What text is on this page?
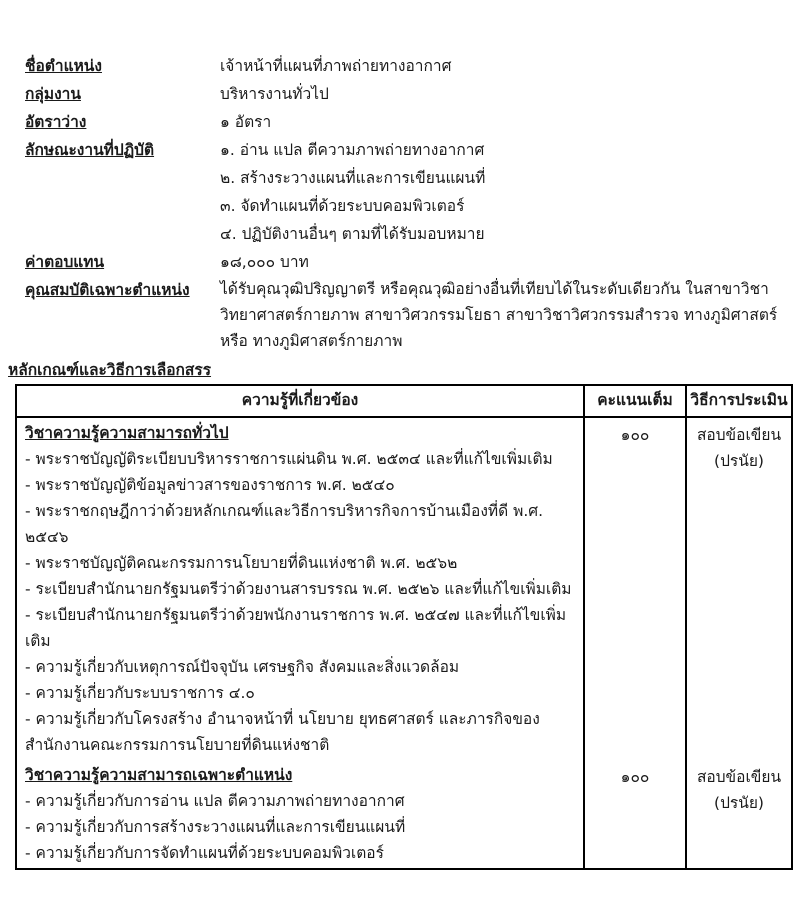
ชื่อตำแหน่ง	เจ้าหน้าที่แผนที่ภาพถ่ายทางอากาศ
กลุ่มงาน	บริหารงานทั่วไป
อัตราว่าง	๑ อัตรา
ลักษณะงานที่ปฏิบัติ	๑. อ่าน แปล ตีความภาพถ่ายทางอากาศ
๒. สร้างระวางแผนที่และการเขียนแผนที่
๓. จัดทำแผนที่ด้วยระบบคอมพิวเตอร์
๔. ปฏิบัติงานอื่นๆ ตามที่ได้รับมอบหมาย
ค่าตอบแทน	๑๘,๐๐๐ บาท
คุณสมบัติเฉพาะตำแหน่ง	ได้รับคุณวุฒิปริญญาตรี หรือคุณวุฒิอย่างอื่นที่เทียบได้ในระดับเดียวกัน ในสาขาวิชาวิทยาศาสตร์กายภาพ สาขาวิศวกรรมโยธา สาขาวิชาวิศวกรรมสำรวจ ทางภูมิศาสตร์ หรือ ทางภูมิศาสตร์กายภาพ
หลักเกณฑ์และวิธีการเลือกสรร
ความรู้ที่เกี่ยวข้อง	คะแนนเต็ม	วิธีการประเมิน
วิชาความรู้ความสามารถทั่วไป
- พระราชบัญญัติระเบียบบริหารราชการแผ่นดิน พ.ศ. ๒๕๓๔ และที่แก้ไขเพิ่มเติม
- พระราชบัญญัติข้อมูลข่าวสารของราชการ พ.ศ. ๒๕๔๐
- พระราชกฤษฎีกาว่าด้วยหลักเกณฑ์และวิธีการบริหารกิจการบ้านเมืองที่ดี พ.ศ. ๒๕๔๖
- พระราชบัญญัติคณะกรรมการนโยบายที่ดินแห่งชาติ พ.ศ. ๒๕๖๒
- ระเบียบสำนักนายกรัฐมนตรีว่าด้วยงานสารบรรณ พ.ศ. ๒๕๒๖ และที่แก้ไขเพิ่มเติม
- ระเบียบสำนักนายกรัฐมนตรีว่าด้วยพนักงานราชการ พ.ศ. ๒๕๔๗ และที่แก้ไขเพิ่มเติม
- ความรู้เกี่ยวกับเหตุการณ์ปัจจุบัน เศรษฐกิจ สังคมและสิ่งแวดล้อม
- ความรู้เกี่ยวกับระบบราชการ ๔.๐
- ความรู้เกี่ยวกับโครงสร้าง อำนาจหน้าที่ นโยบาย ยุทธศาสตร์ และภารกิจของสำนักงานคณะกรรมการนโยบายที่ดินแห่งชาติ
๑๐๐	สอบข้อเขียน
(ปรนัย)
วิชาความรู้ความสามารถเฉพาะตำแหน่ง
- ความรู้เกี่ยวกับการอ่าน แปล ตีความภาพถ่ายทางอากาศ
- ความรู้เกี่ยวกับการสร้างระวางแผนที่และการเขียนแผนที่
- ความรู้เกี่ยวกับการจัดทำแผนที่ด้วยระบบคอมพิวเตอร์
๑๐๐	สอบข้อเขียน
(ปรนัย)
